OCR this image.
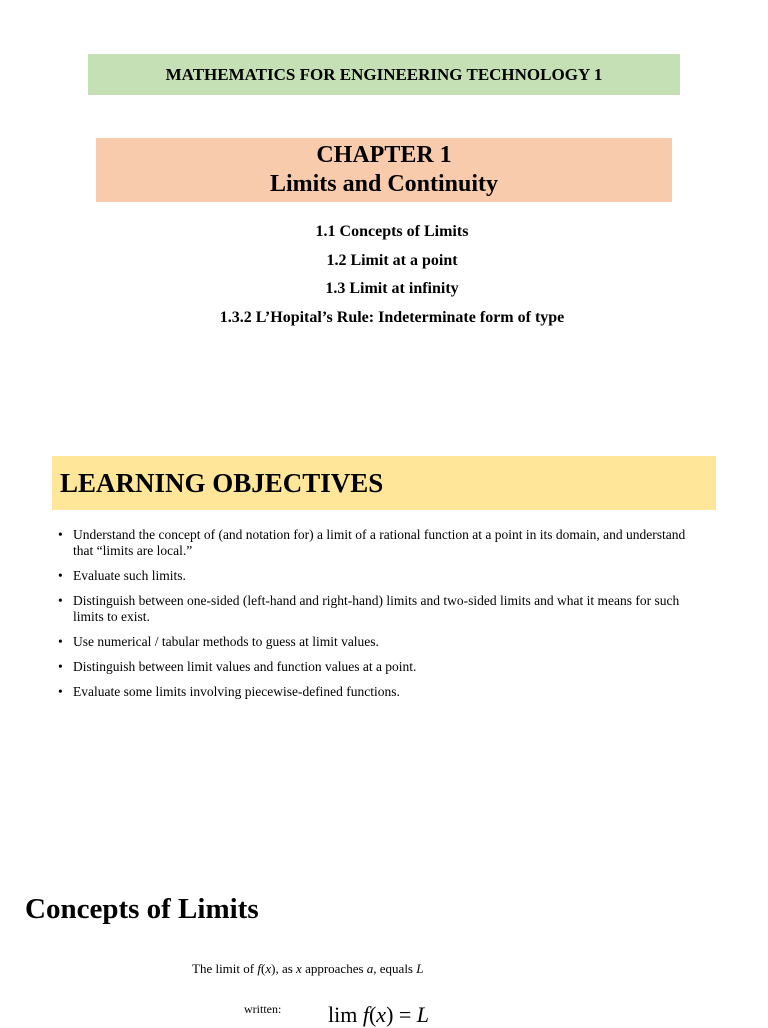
MATHEMATICS FOR ENGINEERING TECHNOLOGY 1
CHAPTER 1
Limits and Continuity
1.1 Concepts of Limits
1.2 Limit at a point
1.3 Limit at infinity
1.3.2 L’Hopital’s Rule: Indeterminate form of type
LEARNING OBJECTIVES
• Understand the concept of (and notation for) a limit of a rational function at a point in its domain, and understand that “limits are local.”
• Evaluate such limits.
• Distinguish between one-sided (left-hand and right-hand) limits and two-sided limits and what it means for such limits to exist.
• Use numerical / tabular methods to guess at limit values.
• Distinguish between limit values and function values at a point.
• Evaluate some limits involving piecewise-defined functions.
Concepts of Limits
The limit of f(x), as x approaches a, equals L
written: lim f(x) = L
